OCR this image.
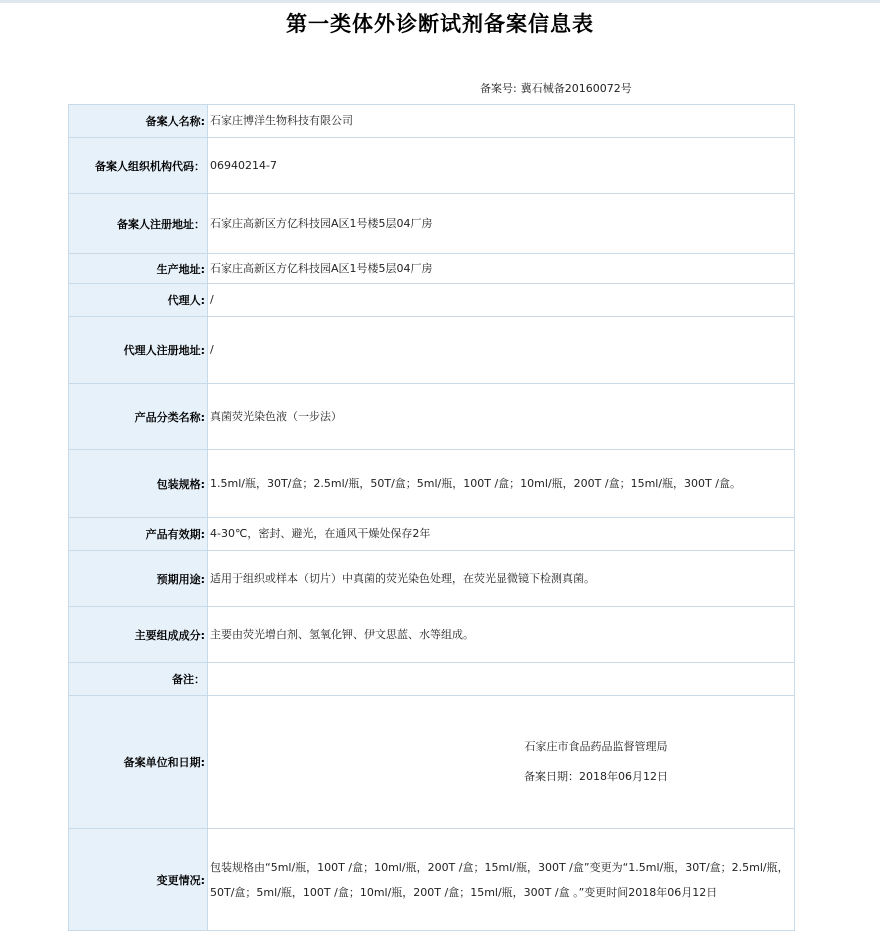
第一类体外诊断试剂备案信息表
备案号: 冀石械备20160072号
备案人名称:	石家庄博洋生物科技有限公司
备案人组织机构代码：	06940214-7
备案人注册地址：	石家庄高新区方亿科技园A区1号楼5层04厂房
生产地址:	石家庄高新区方亿科技园A区1号楼5层04厂房
代理人:	/
代理人注册地址:	/
产品分类名称:	真菌荧光染色液（一步法）
包装规格:	1.5ml/瓶，30T/盒；2.5ml/瓶，50T/盒；5ml/瓶，100T /盒；10ml/瓶，200T /盒；15ml/瓶，300T /盒。
产品有效期:	4-30℃，密封、避光，在通风干燥处保存2年
预期用途:	适用于组织或样本（切片）中真菌的荧光染色处理，在荧光显微镜下检测真菌。
主要组成成分:	主要由荧光增白剂、氢氧化钾、伊文思蓝、水等组成。
备注：	
备案单位和日期:	石家庄市食品药品监督管理局
备案日期：2018年06月12日

变更情况:	包装规格由“5ml/瓶，100T /盒；10ml/瓶，200T /盒；15ml/瓶，300T /盒”变更为“1.5ml/瓶，30T/盒；2.5ml/瓶，50T/盒；5ml/瓶，100T /盒；10ml/瓶，200T /盒；15ml/瓶，300T /盒 。”变更时间2018年06月12日
